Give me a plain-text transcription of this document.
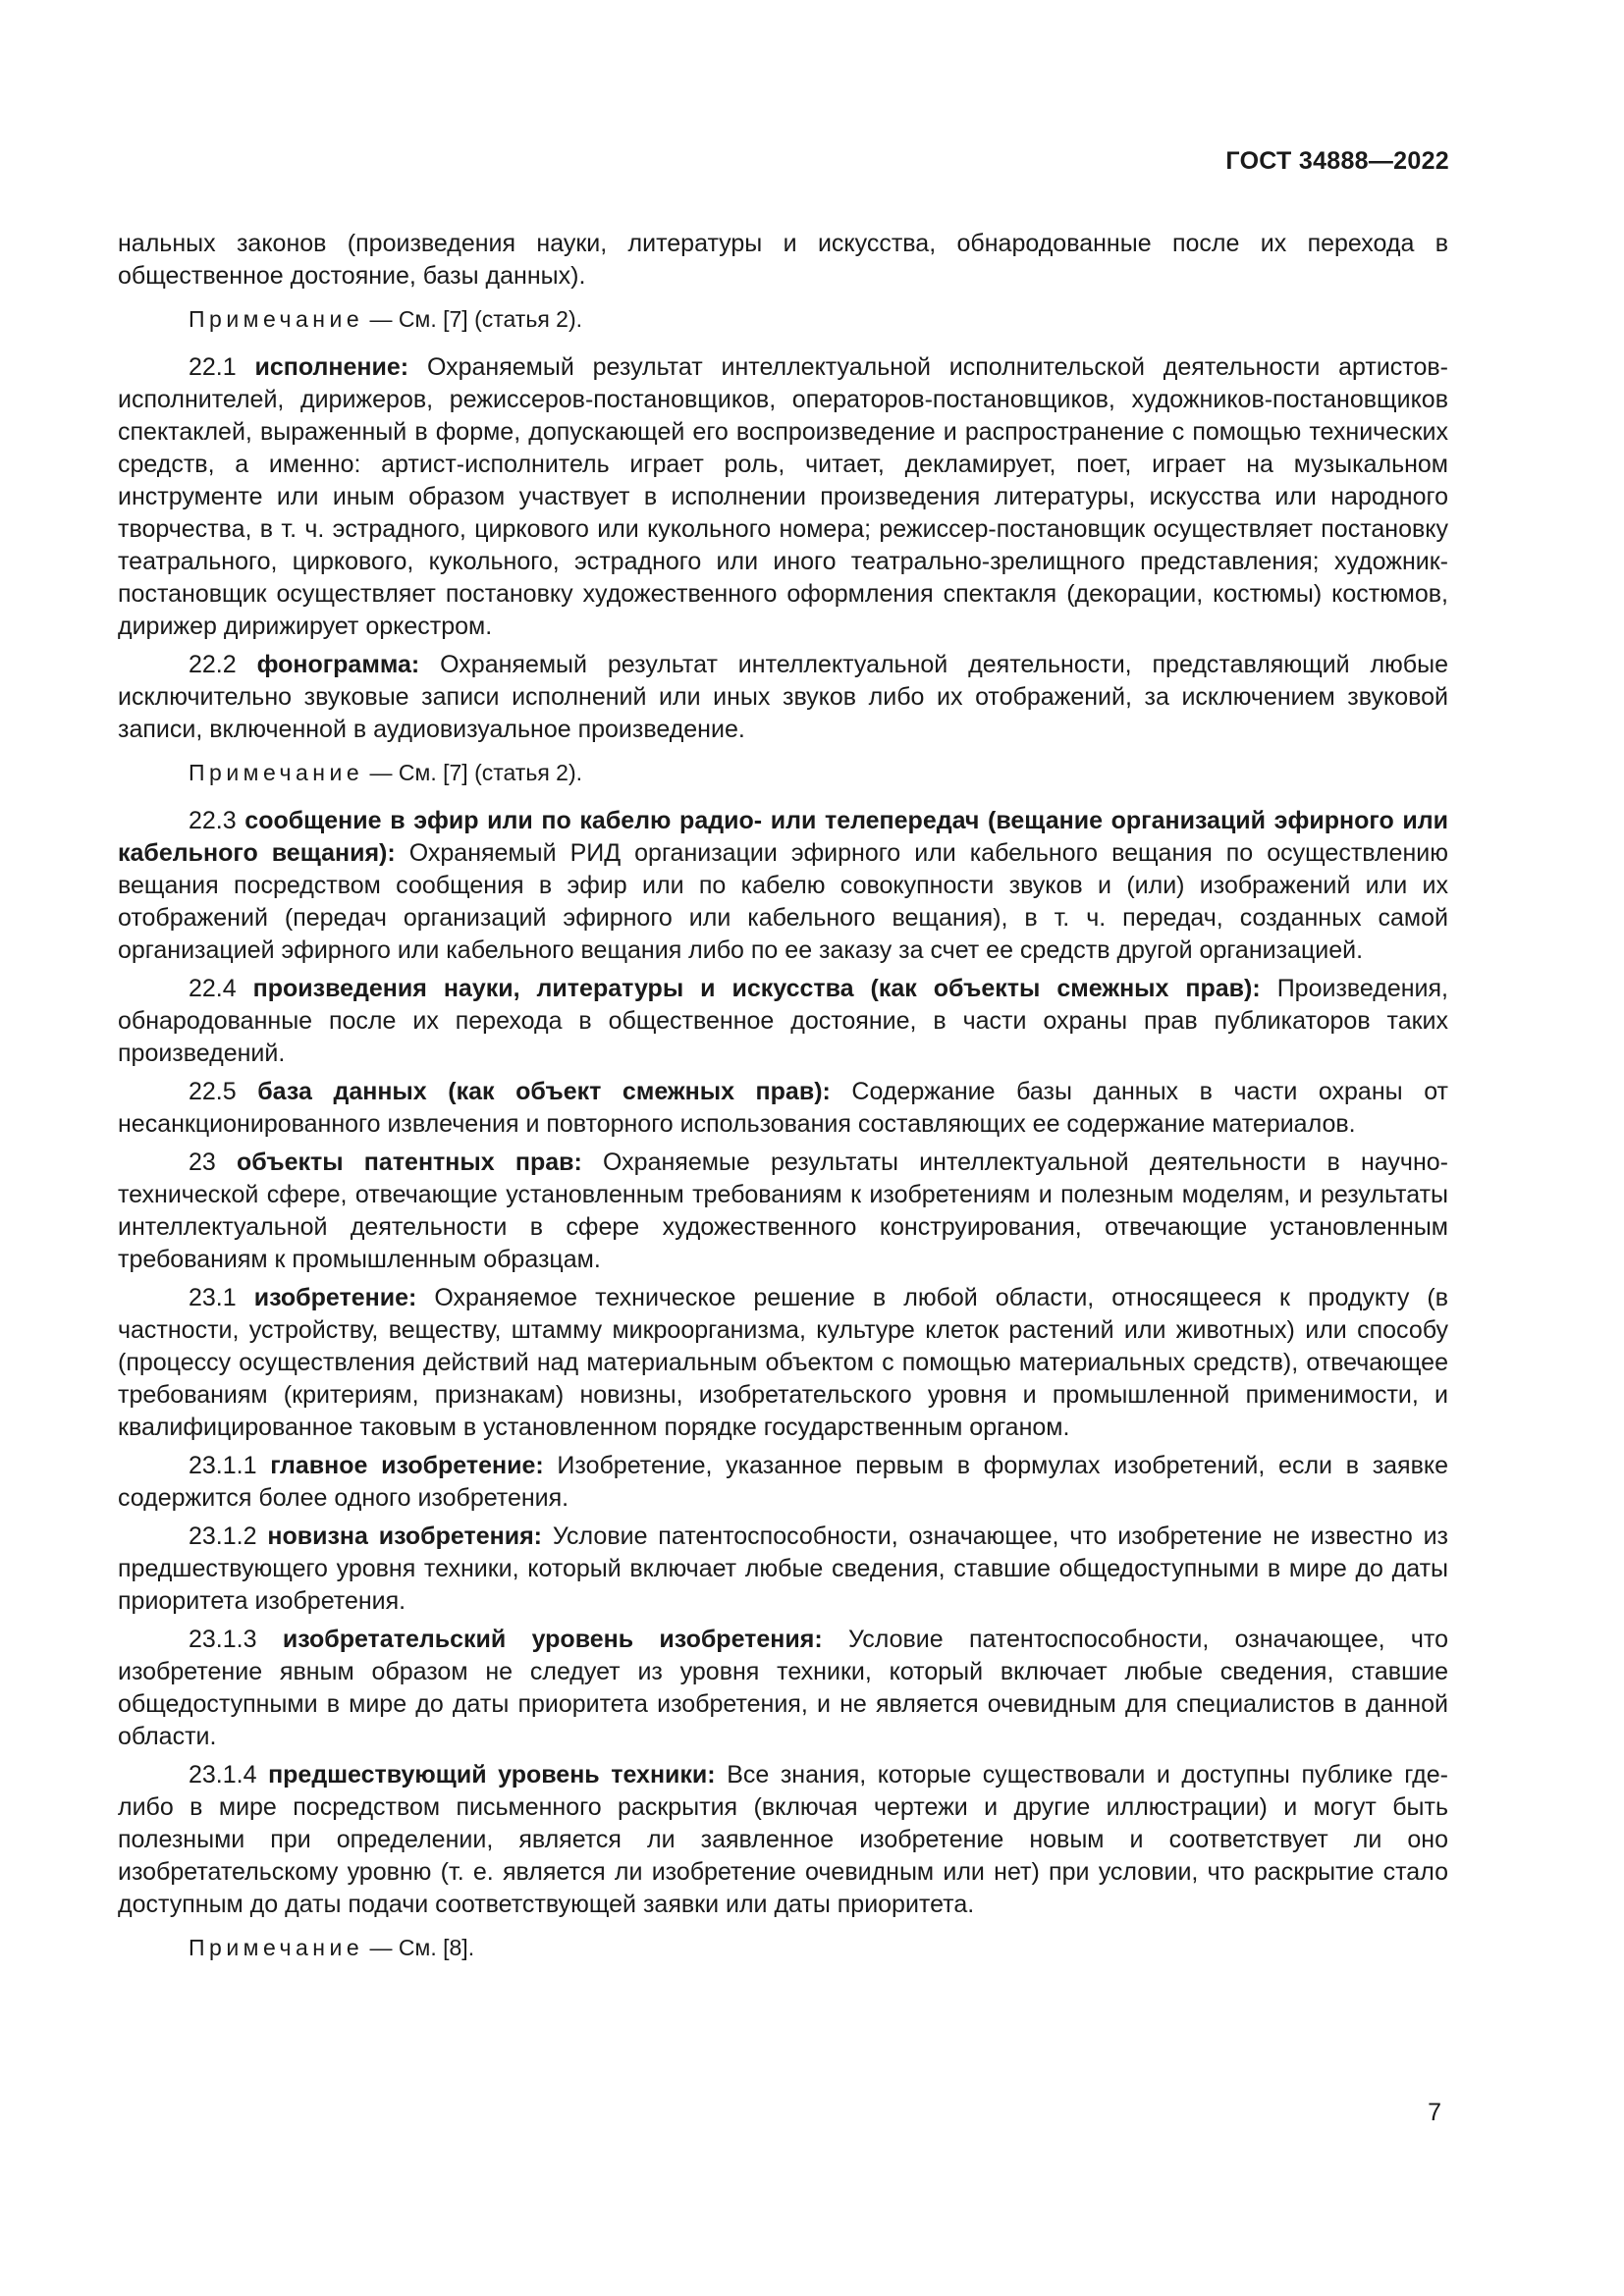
ГОСТ 34888—2022

нальных законов (произведения науки, литературы и искусства, обнародованные после их перехода в общественное достояние, базы данных).

Примечание — См. [7] (статья 2).

22.1 исполнение: Охраняемый результат интеллектуальной исполнительской деятельности артистов-исполнителей, дирижеров, режиссеров-постановщиков, операторов-постановщиков, художников-постановщиков спектаклей, выраженный в форме, допускающей его воспроизведение и распространение с помощью технических средств, а именно: артист-исполнитель играет роль, читает, декламирует, поет, играет на музыкальном инструменте или иным образом участвует в исполнении произведения литературы, искусства или народного творчества, в т. ч. эстрадного, циркового или кукольного номера; режиссер-постановщик осуществляет постановку театрального, циркового, кукольного, эстрадного или иного театрально-зрелищного представления; художник-постановщик осуществляет постановку художественного оформления спектакля (декорации, костюмы) костюмов, дирижер дирижирует оркестром.

22.2 фонограмма: Охраняемый результат интеллектуальной деятельности, представляющий любые исключительно звуковые записи исполнений или иных звуков либо их отображений, за исключением звуковой записи, включенной в аудиовизуальное произведение.

Примечание — См. [7] (статья 2).

22.3 сообщение в эфир или по кабелю радио- или телепередач (вещание организаций эфирного или кабельного вещания): Охраняемый РИД организации эфирного или кабельного вещания по осуществлению вещания посредством сообщения в эфир или по кабелю совокупности звуков и (или) изображений или их отображений (передач организаций эфирного или кабельного вещания), в т. ч. передач, созданных самой организацией эфирного или кабельного вещания либо по ее заказу за счет ее средств другой организацией.

22.4 произведения науки, литературы и искусства (как объекты смежных прав): Произведения, обнародованные после их перехода в общественное достояние, в части охраны прав публикаторов таких произведений.

22.5 база данных (как объект смежных прав): Содержание базы данных в части охраны от несанкционированного извлечения и повторного использования составляющих ее содержание материалов.

23 объекты патентных прав: Охраняемые результаты интеллектуальной деятельности в научно-технической сфере, отвечающие установленным требованиям к изобретениям и полезным моделям, и результаты интеллектуальной деятельности в сфере художественного конструирования, отвечающие установленным требованиям к промышленным образцам.

23.1 изобретение: Охраняемое техническое решение в любой области, относящееся к продукту (в частности, устройству, веществу, штамму микроорганизма, культуре клеток растений или животных) или способу (процессу осуществления действий над материальным объектом с помощью материальных средств), отвечающее требованиям (критериям, признакам) новизны, изобретательского уровня и промышленной применимости, и квалифицированное таковым в установленном порядке государственным органом.

23.1.1 главное изобретение: Изобретение, указанное первым в формулах изобретений, если в заявке содержится более одного изобретения.

23.1.2 новизна изобретения: Условие патентоспособности, означающее, что изобретение не известно из предшествующего уровня техники, который включает любые сведения, ставшие общедоступными в мире до даты приоритета изобретения.

23.1.3 изобретательский уровень изобретения: Условие патентоспособности, означающее, что изобретение явным образом не следует из уровня техники, который включает любые сведения, ставшие общедоступными в мире до даты приоритета изобретения, и не является очевидным для специалистов в данной области.

23.1.4 предшествующий уровень техники: Все знания, которые существовали и доступны публике где-либо в мире посредством письменного раскрытия (включая чертежи и другие иллюстрации) и могут быть полезными при определении, является ли заявленное изобретение новым и соответствует ли оно изобретательскому уровню (т. е. является ли изобретение очевидным или нет) при условии, что раскрытие стало доступным до даты подачи соответствующей заявки или даты приоритета.

Примечание — См. [8].
7
